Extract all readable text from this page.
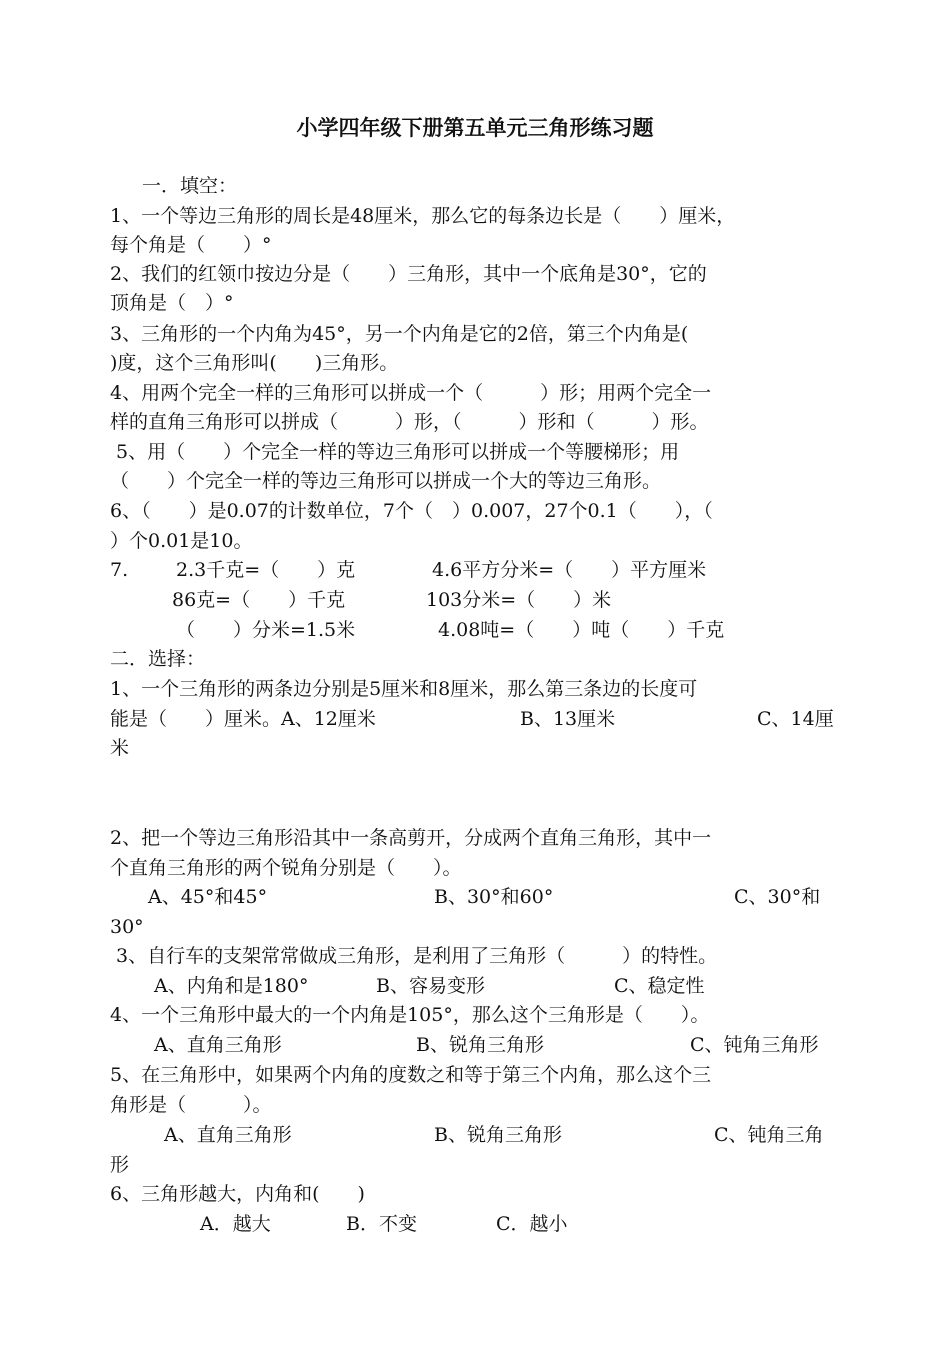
小学四年级下册第五单元三角形练习题
一．填空：
1、一个等边三角形的周长是48厘米，那么它的每条边长是（　　）厘米，
每个角是（　　）°
2、我们的红领巾按边分是（　　）三角形，其中一个底角是30°，它的
顶角是（　）°
3、三角形的一个内角为45°，另一个内角是它的2倍，第三个内角是(
)度，这个三角形叫(　　)三角形。
4、用两个完全一样的三角形可以拼成一个（　　　）形；用两个完全一
样的直角三角形可以拼成（　　　）形，（　　　）形和（　　　）形。
5、用（　　）个完全一样的等边三角形可以拼成一个等腰梯形；用
（　　）个完全一样的等边三角形可以拼成一个大的等边三角形。
6、（　　）是0.07的计数单位，7个（　）0.007，27个0.1（　　），（
）个0.01是10。
7.	2.3千克=（　　）克	4.6平方分米=（　　）平方厘米
86克=（　　）千克	103分米=（　　）米
（　　）分米=1.5米	4.08吨=（　　）吨（　　）千克
二．选择：
1、一个三角形的两条边分别是5厘米和8厘米，那么第三条边的长度可
能是（　　）厘米。A、12厘米	B、13厘米	C、14厘
米
2、把一个等边三角形沿其中一条高剪开，分成两个直角三角形，其中一
个直角三角形的两个锐角分别是（　　）。
A、45°和45°	B、30°和60°	C、30°和
30°
3、自行车的支架常常做成三角形，是利用了三角形（　　　）的特性。
A、内角和是180°	B、容易变形	C、稳定性
4、一个三角形中最大的一个内角是105°，那么这个三角形是（　　）。
A、直角三角形	B、锐角三角形	C、钝角三角形
5、在三角形中，如果两个内角的度数之和等于第三个内角，那么这个三
角形是（　　　）。
A、直角三角形	B、锐角三角形	C、钝角三角
形
6、三角形越大，内角和(　　)
A．越大	B．不变	C．越小
